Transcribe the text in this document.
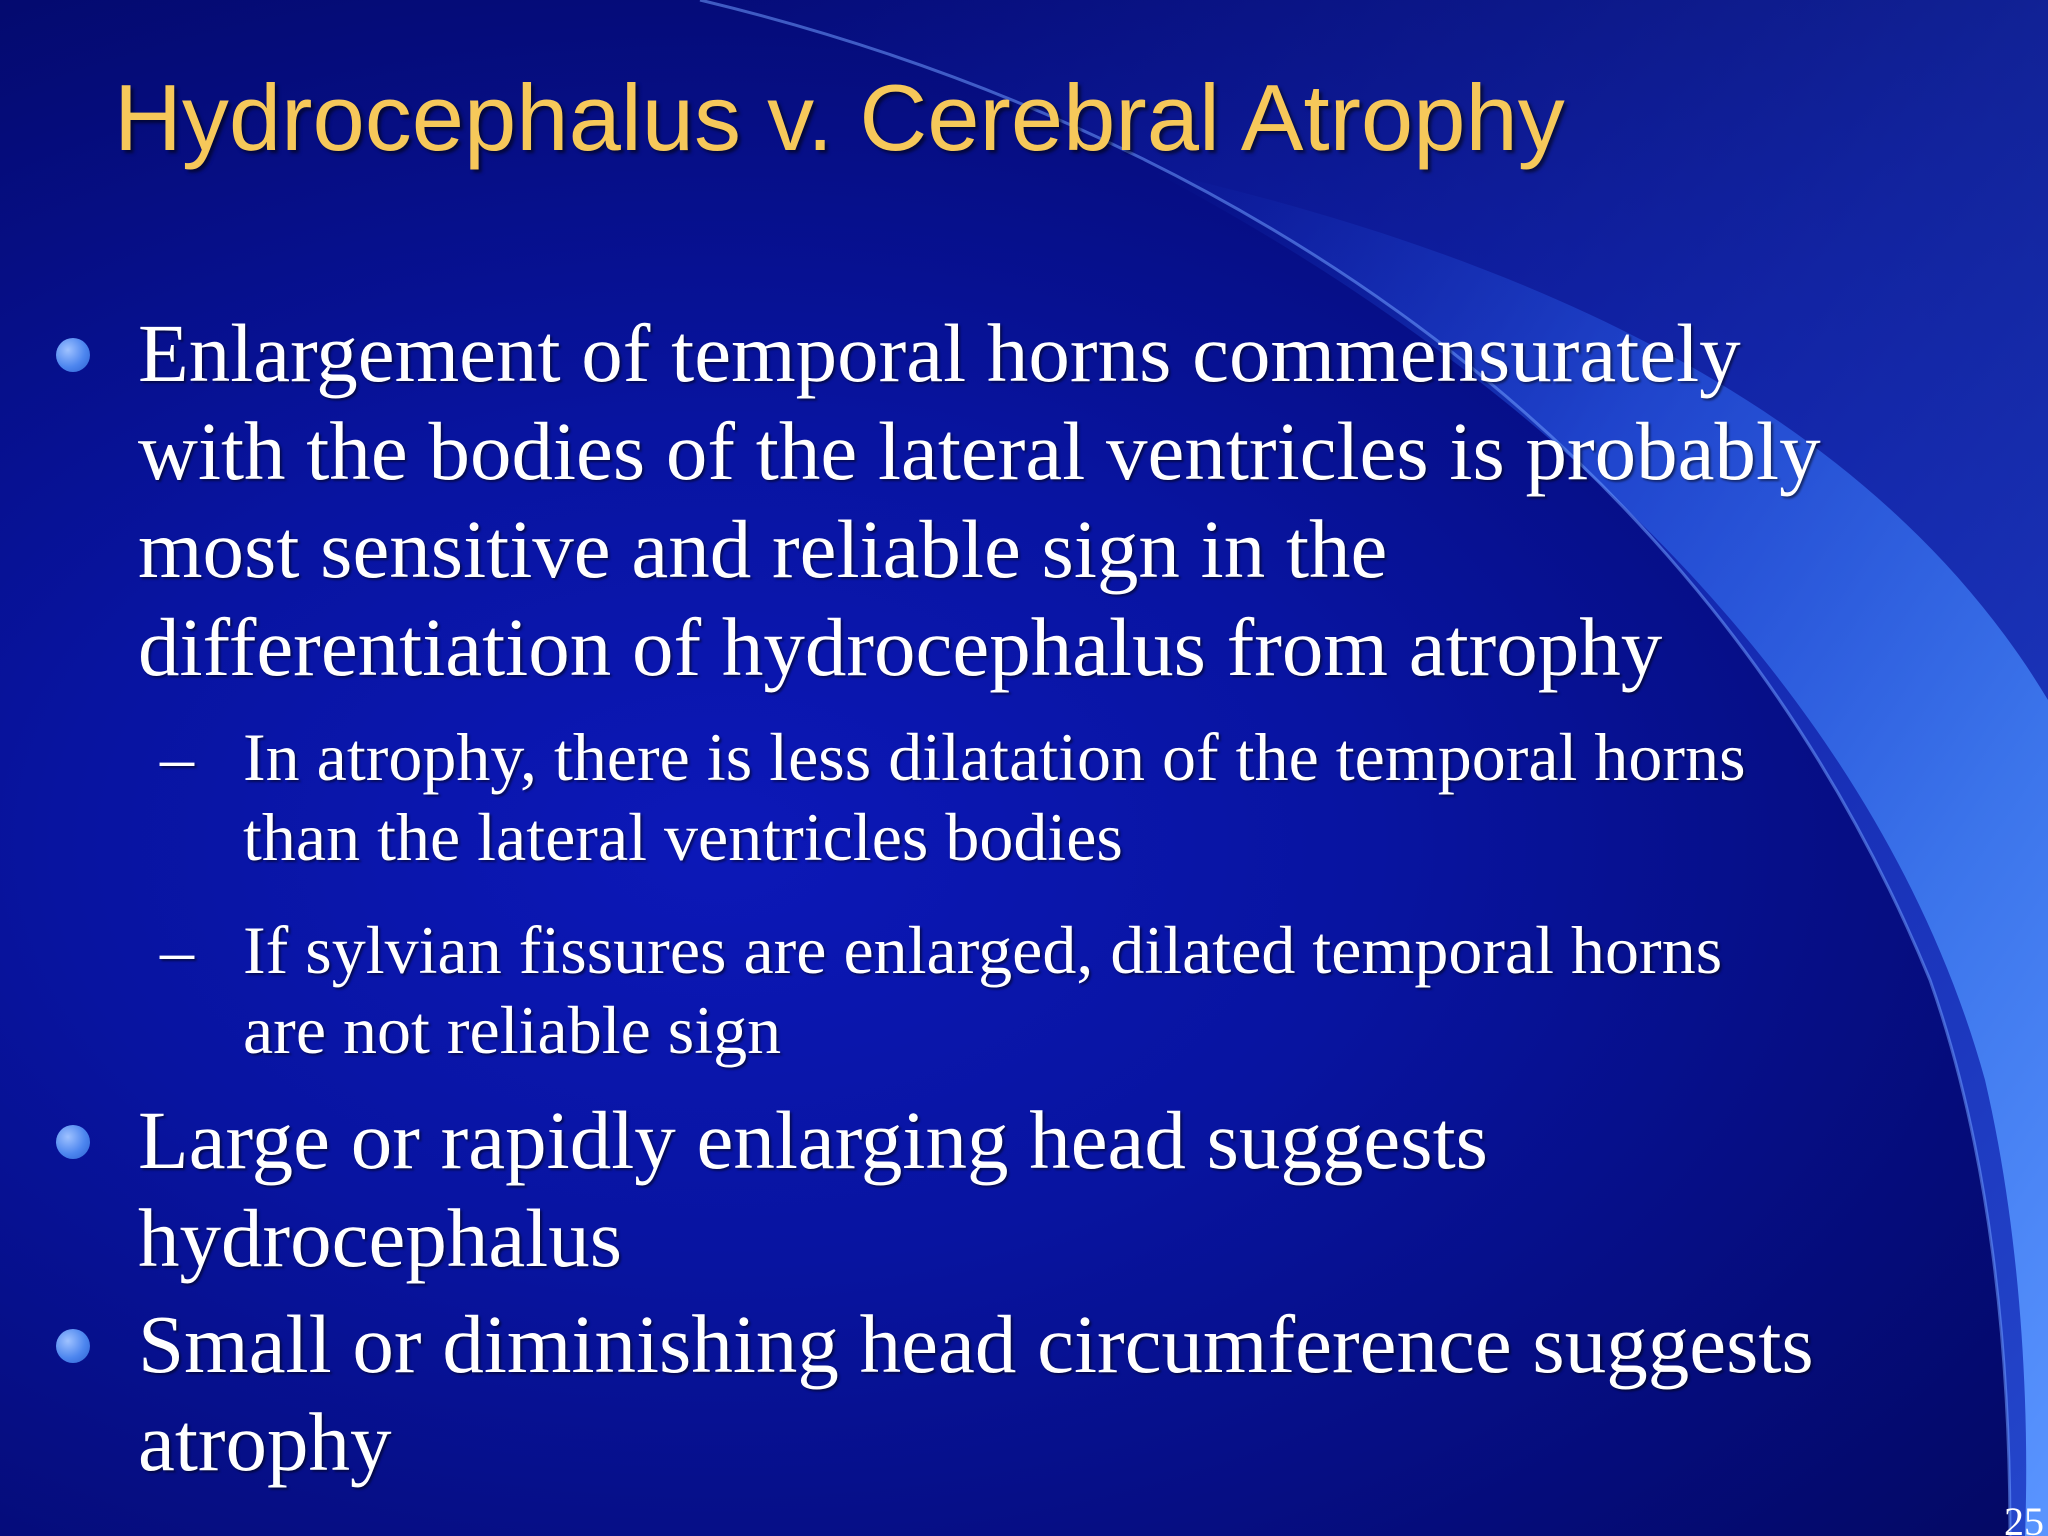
Hydrocephalus v. Cerebral Atrophy
Enlargement of temporal horns commensurately
with the bodies of the lateral ventricles is probably
most sensitive and reliable sign in the
differentiation of hydrocephalus from atrophy
– In atrophy, there is less dilatation of the temporal horns
than the lateral ventricles bodies
– If sylvian fissures are enlarged, dilated temporal horns
are not reliable sign
Large or rapidly enlarging head suggests
hydrocephalus
Small or diminishing head circumference suggests
atrophy
25
